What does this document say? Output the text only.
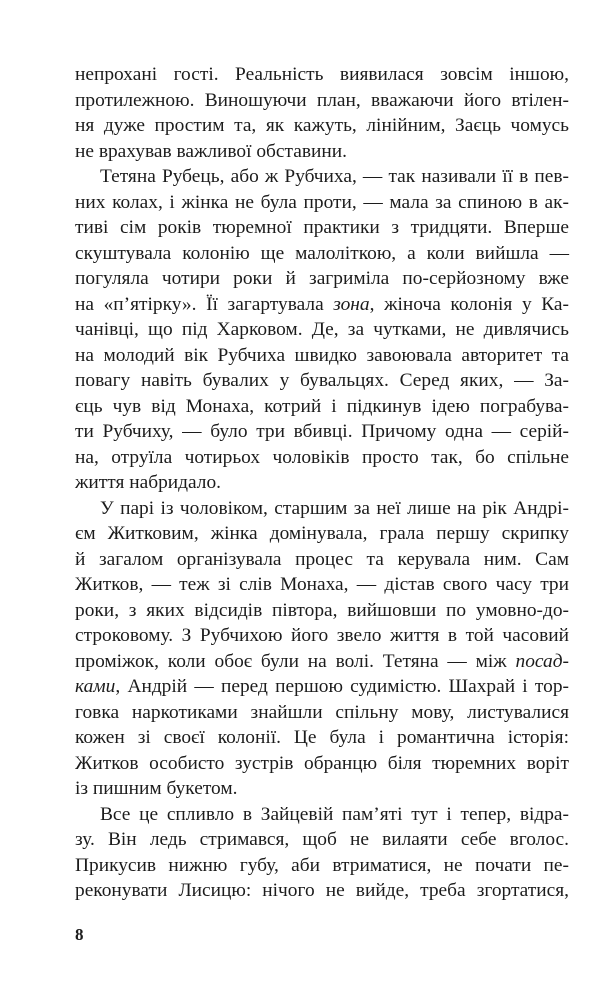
непрохані гості. Реальність виявилася зовсім іншою,
протилежною. Виношуючи план, вважаючи його втілен-
ня дуже простим та, як кажуть, лінійним, Заєць чомусь
не врахував важливої обставини.
Тетяна Рубець, або ж Рубчиха, — так називали її в пев-
них колах, і жінка не була проти, — мала за спиною в ак-
тиві сім років тюремної практики з тридцяти. Вперше
скуштувала колонію ще малоліткою, а коли вийшла —
погуляла чотири роки й загриміла по-серйозному вже
на «п’ятірку». Її загартувала зона, жіноча колонія у Ка-
чанівці, що під Харковом. Де, за чутками, не дивлячись
на молодий вік Рубчиха швидко завоювала авторитет та
повагу навіть бувалих у бувальцях. Серед яких, — За-
єць чув від Монаха, котрий і підкинув ідею пограбува-
ти Рубчиху, — було три вбивці. Причому одна — серій-
на, отруїла чотирьох чоловіків просто так, бо спільне
життя набридало.
У парі із чоловіком, старшим за неї лише на рік Андрі-
єм Житковим, жінка домінувала, грала першу скрипку
й загалом організувала процес та керувала ним. Сам
Житков, — теж зі слів Монаха, — дістав свого часу три
роки, з яких відсидів півтора, вийшовши по умовно-до-
строковому. З Рубчихою його звело життя в той часовий
проміжок, коли обоє були на волі. Тетяна — між посад-
ками, Андрій — перед першою судимістю. Шахрай і тор-
говка наркотиками знайшли спільну мову, листувалися
кожен зі своєї колонії. Це була і романтична історія:
Житков особисто зустрів обранцю біля тюремних воріт
із пишним букетом.
Все це спливло в Зайцевій пам’яті тут і тепер, відра-
зу. Він ледь стримався, щоб не вилаяти себе вголос.
Прикусив нижню губу, аби втриматися, не почати пе-
реконувати Лисицю: нічого не вийде, треба згортатися,
8
